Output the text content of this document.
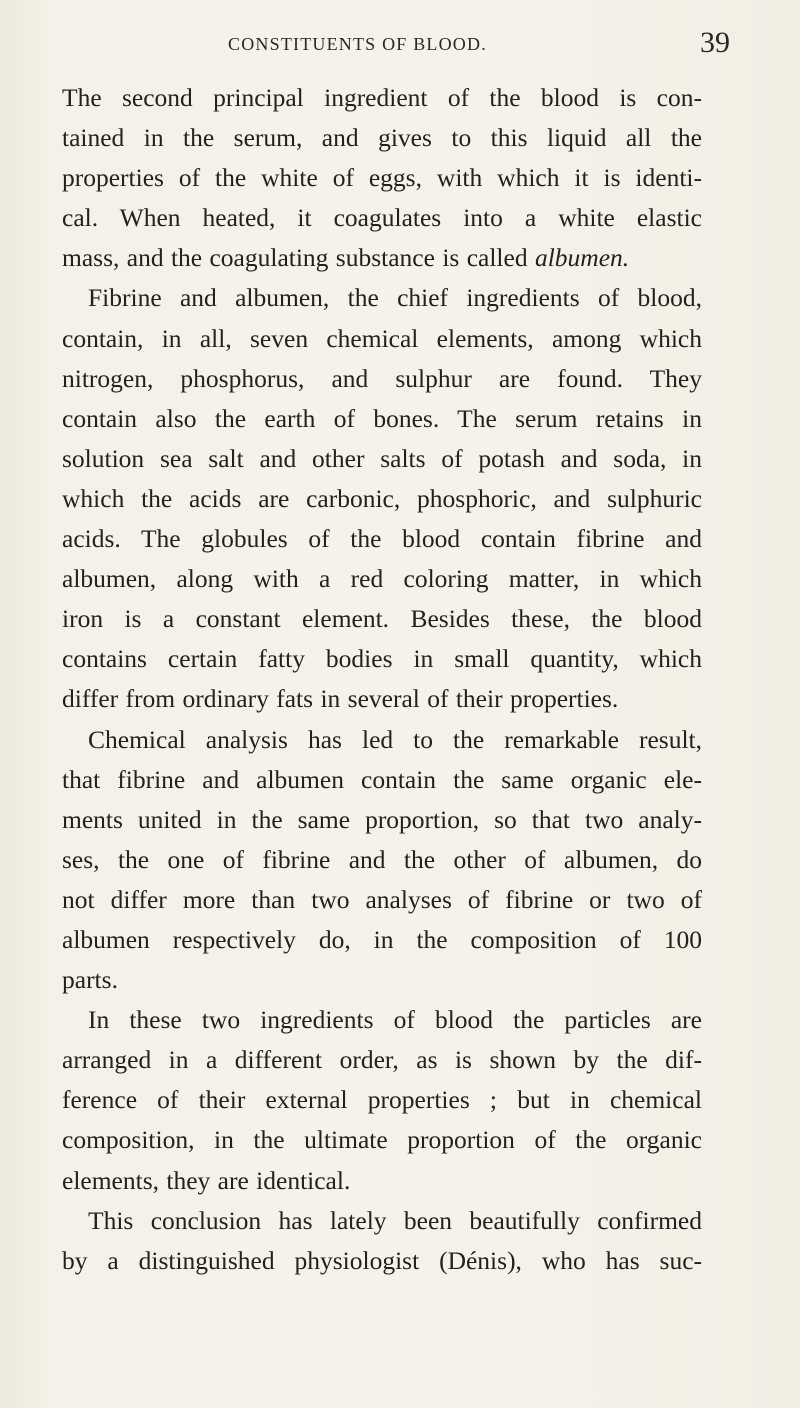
CONSTITUENTS OF BLOOD.	39
The second principal ingredient of the blood is con-
tained in the serum, and gives to this liquid all the
properties of the white of eggs, with which it is identi-
cal. When heated, it coagulates into a white elastic
mass, and the coagulating substance is called albumen.
Fibrine and albumen, the chief ingredients of blood,
contain, in all, seven chemical elements, among which
nitrogen, phosphorus, and sulphur are found. They
contain also the earth of bones. The serum retains in
solution sea salt and other salts of potash and soda, in
which the acids are carbonic, phosphoric, and sulphuric
acids. The globules of the blood contain fibrine and
albumen, along with a red coloring matter, in which
iron is a constant element. Besides these, the blood
contains certain fatty bodies in small quantity, which
differ from ordinary fats in several of their properties.
Chemical analysis has led to the remarkable result,
that fibrine and albumen contain the same organic ele-
ments united in the same proportion, so that two analy-
ses, the one of fibrine and the other of albumen, do
not differ more than two analyses of fibrine or two of
albumen respectively do, in the composition of 100
parts.
In these two ingredients of blood the particles are
arranged in a different order, as is shown by the dif-
ference of their external properties ; but in chemical
composition, in the ultimate proportion of the organic
elements, they are identical.
This conclusion has lately been beautifully confirmed
by a distinguished physiologist (Dénis), who has suc-
